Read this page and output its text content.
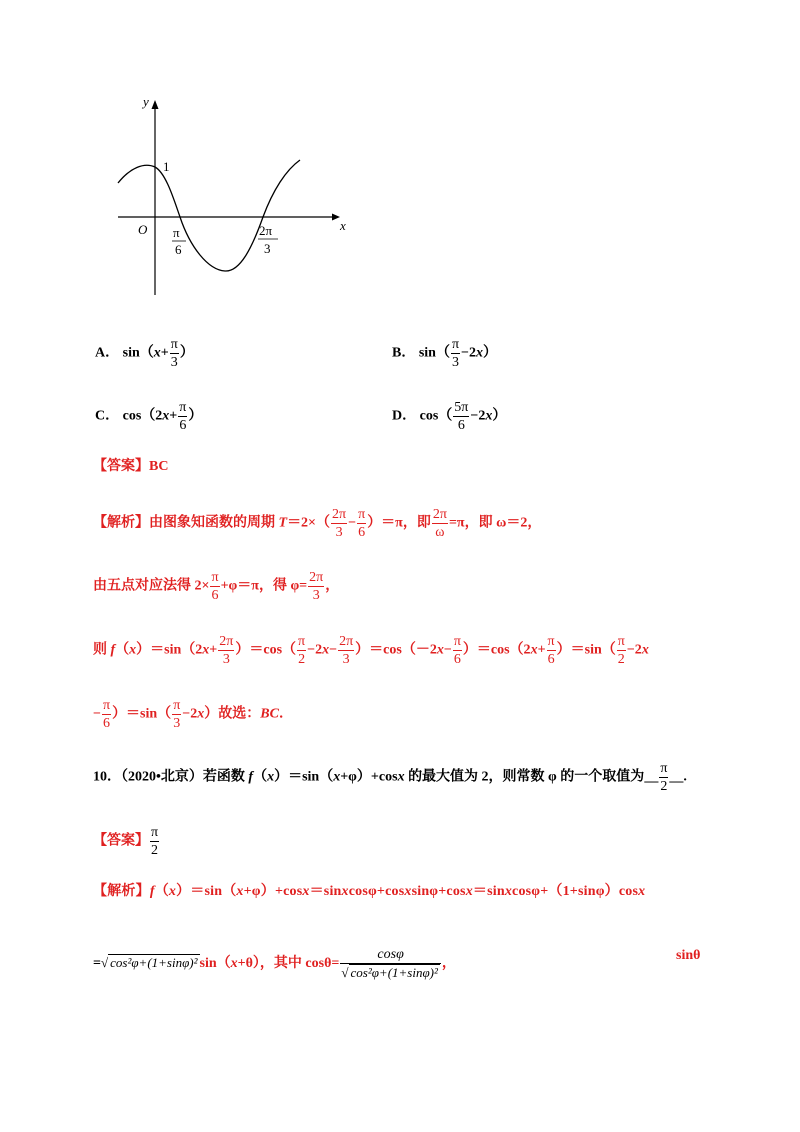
y
x
1
O π
6
2π
3
A． $\sin(x+ \frac{\pi}{3}$ ）	B． $\sin( \frac{\pi}{3} -2x)$
C． $\cos(2x+ \frac{\pi}{6}$ ）	D． $\cos( \frac{5\pi}{6} -2x)$
【答案】BC
【解析】由图象知函数的周期 $T=2\times( \frac{2\pi}{3} - \frac{\pi}{6} )=\pi$，即 $\frac{2\pi}{\omega} =\pi$，即 ω＝2，
由五点对应法得 $2\times \frac{\pi}{6} +\varphi=\pi$，得 $\varphi= \frac{2\pi}{3}$ ，
则 $f(x)=\sin(2x+ \frac{2\pi}{3} )=\cos( \frac{\pi}{2} -2x- \frac{2\pi}{3} )=\cos(-2x- \frac{\pi}{6} )=\cos(2x+ \frac{\pi}{6} )=\sin( \frac{\pi}{2} -2x$
− $\frac{\pi}{6} )=\sin( \frac{\pi}{3} -2x)$故选：BC．
10．（2020•北京）若函数 f（x）＝sin（x+φ）+cosx 的最大值为 2，则常数 φ 的一个取值为__ $\frac{\pi}{2}$ __.
【答案】 $\frac{\pi}{2}$
【解析】f（x）＝sin（x+φ）+cosx＝sinxcosφ+cosxsinφ+cosx＝sinxcosφ+（1+sinφ）cosx
=√ cos²φ+(1+sinφ)² sin（x+θ），其中 $\cos\theta= \frac{\cos\varphi}{\text{√ cos²φ+(1+sinφ)²}}$ ，
sinθ
